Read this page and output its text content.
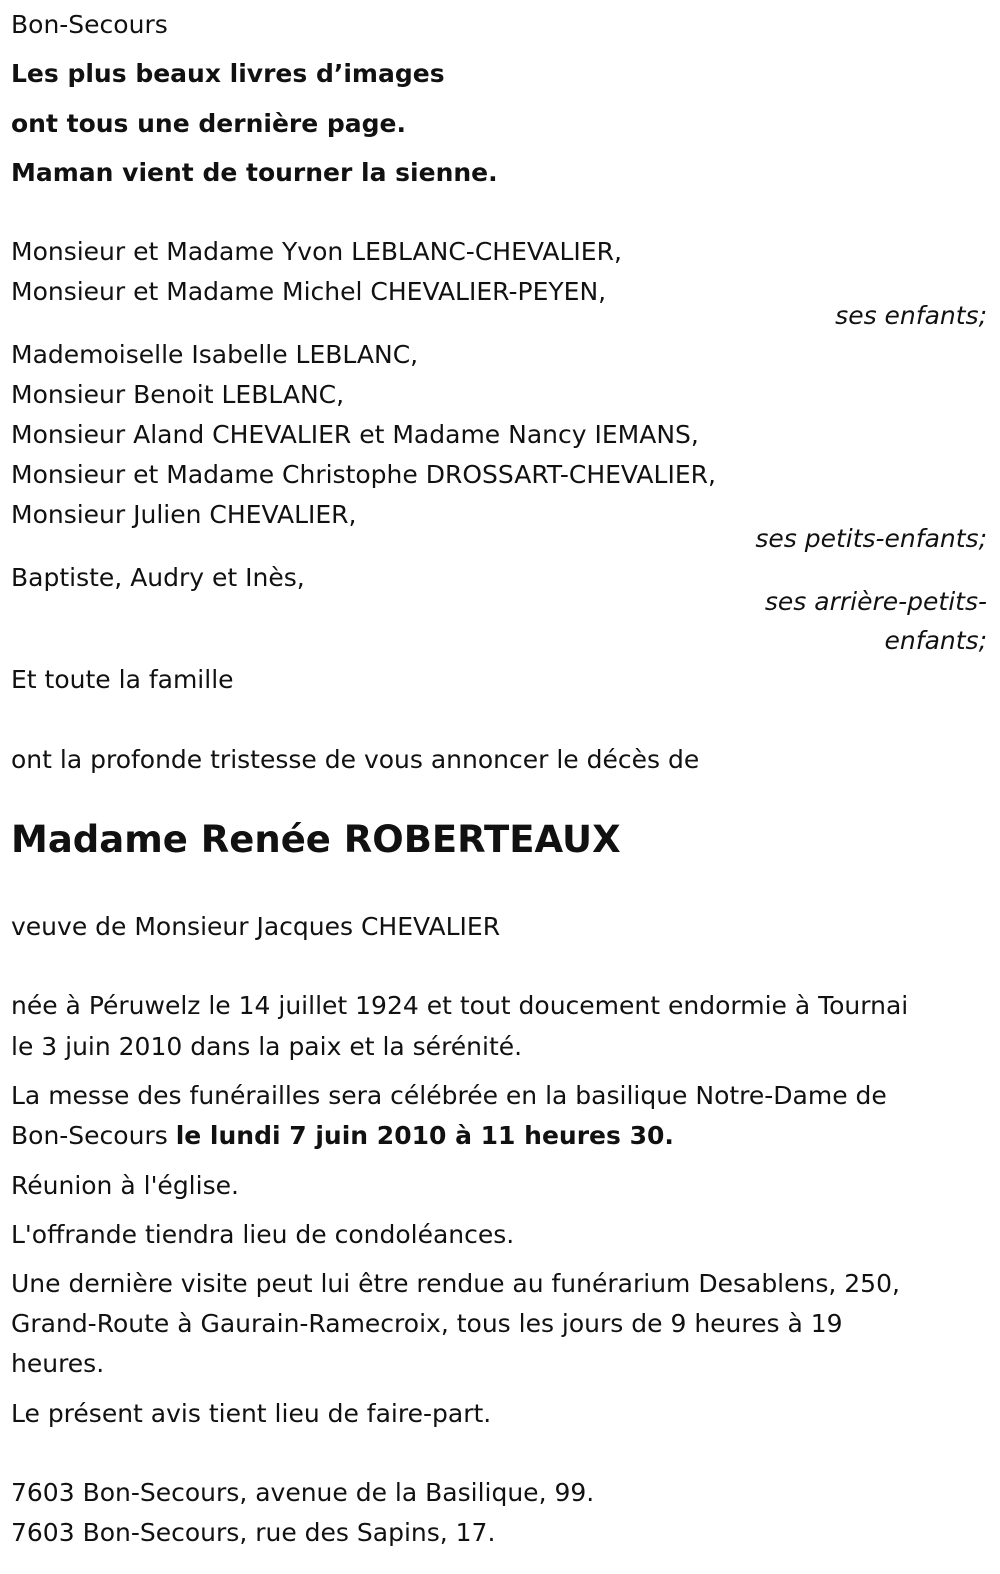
Bon-Secours
Les plus beaux livres d’images
ont tous une dernière page.
Maman vient de tourner la sienne.
Monsieur et Madame Yvon LEBLANC-CHEVALIER,
Monsieur et Madame Michel CHEVALIER-PEYEN,
ses enfants;
Mademoiselle Isabelle LEBLANC,
Monsieur Benoit LEBLANC,
Monsieur Aland CHEVALIER et Madame Nancy IEMANS,
Monsieur et Madame Christophe DROSSART-CHEVALIER,
Monsieur Julien CHEVALIER,
ses petits-enfants;
Baptiste, Audry et Inès,
ses arrière-petits-
enfants;
Et toute la famille
ont la profonde tristesse de vous annoncer le décès de
Madame Renée ROBERTEAUX
veuve de Monsieur Jacques CHEVALIER
née à Péruwelz le 14 juillet 1924 et tout doucement endormie à Tournai
le 3 juin 2010 dans la paix et la sérénité.
La messe des funérailles sera célébrée en la basilique Notre-Dame de
Bon-Secours le lundi 7 juin 2010 à 11 heures 30.
Réunion à l'église.
L'offrande tiendra lieu de condoléances.
Une dernière visite peut lui être rendue au funérarium Desablens, 250,
Grand-Route à Gaurain-Ramecroix, tous les jours de 9 heures à 19
heures.
Le présent avis tient lieu de faire-part.
7603 Bon-Secours, avenue de la Basilique, 99.
7603 Bon-Secours, rue des Sapins, 17.
